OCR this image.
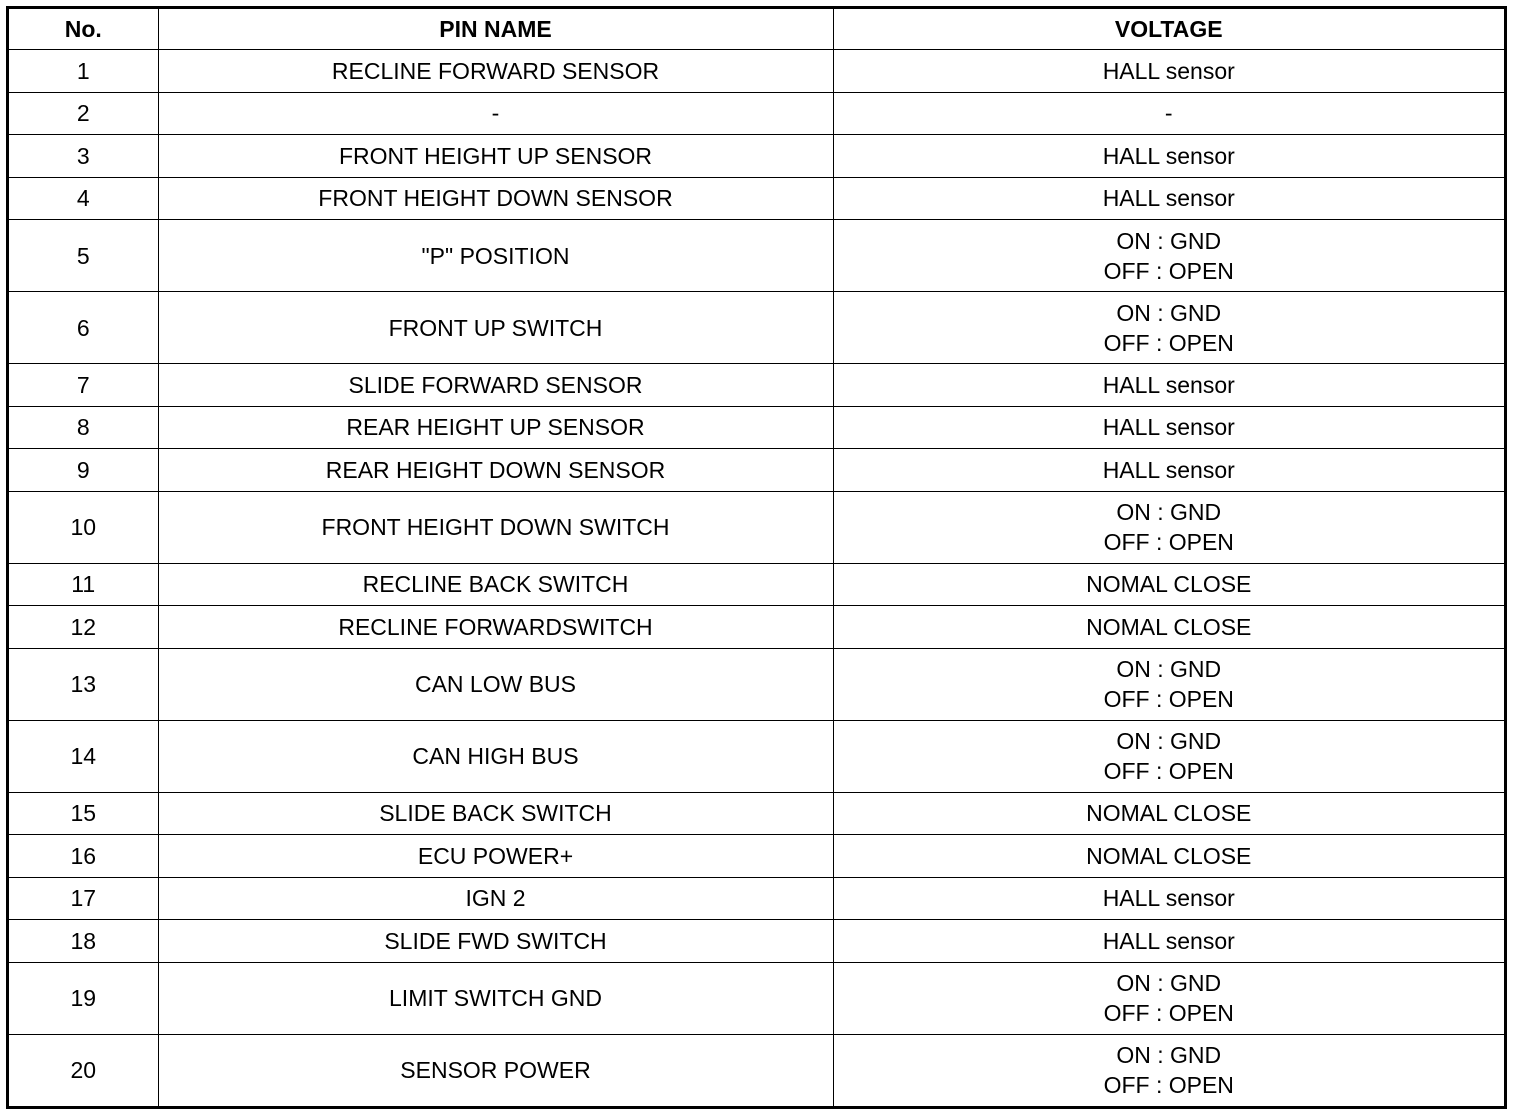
No.	PIN NAME	VOLTAGE
1	RECLINE FORWARD SENSOR	HALL sensor

2	-	-

3	FRONT HEIGHT UP SENSOR	HALL sensor

4	FRONT HEIGHT DOWN SENSOR	HALL sensor

5	"P" POSITION	ON : GND
OFF : OPEN

6	FRONT UP SWITCH	ON : GND
OFF : OPEN

7	SLIDE FORWARD SENSOR	HALL sensor

8	REAR HEIGHT UP SENSOR	HALL sensor

9	REAR HEIGHT DOWN SENSOR	HALL sensor

10	FRONT HEIGHT DOWN SWITCH	ON : GND
OFF : OPEN

11	RECLINE BACK SWITCH	NOMAL CLOSE

12	RECLINE FORWARDSWITCH	NOMAL CLOSE

13	CAN LOW BUS	ON : GND
OFF : OPEN

14	CAN HIGH BUS	ON : GND
OFF : OPEN

15	SLIDE BACK SWITCH	NOMAL CLOSE

16	ECU POWER+	NOMAL CLOSE

17	IGN 2	HALL sensor

18	SLIDE FWD SWITCH	HALL sensor

19	LIMIT SWITCH GND	ON : GND
OFF : OPEN

20	SENSOR POWER	ON : GND
OFF : OPEN
